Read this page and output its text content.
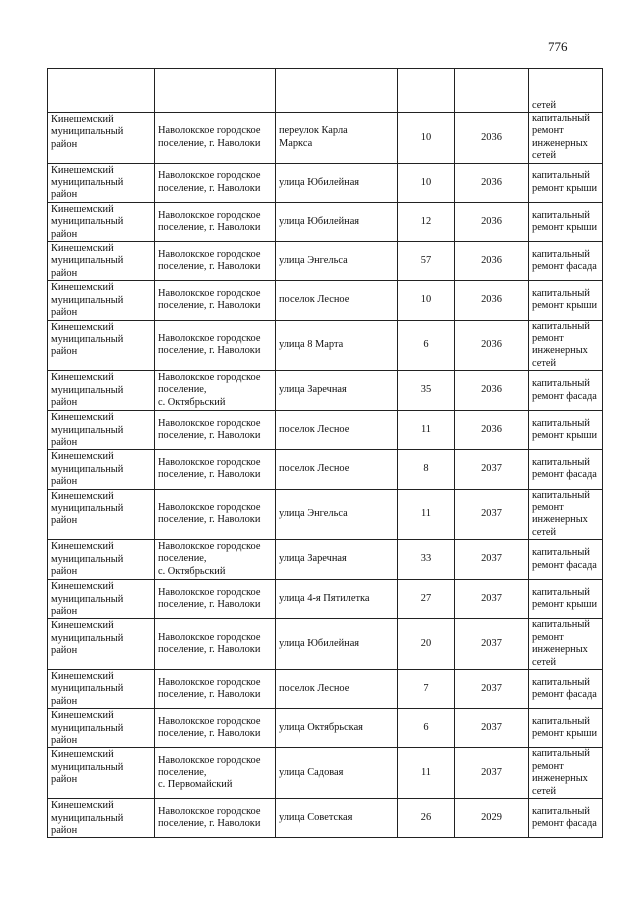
776
					сетей
Кинешемский
муниципальный
район	Наволокское городское
поселение, г. Наволоки	переулок Карла
Маркса	10	2036	капитальный
ремонт
инженерных
сетей
Кинешемский
муниципальный
район	Наволокское городское
поселение, г. Наволоки	улица Юбилейная	10	2036	капитальный
ремонт крыши
Кинешемский
муниципальный
район	Наволокское городское
поселение, г. Наволоки	улица Юбилейная	12	2036	капитальный
ремонт крыши
Кинешемский
муниципальный
район	Наволокское городское
поселение, г. Наволоки	улица Энгельса	57	2036	капитальный
ремонт фасада
Кинешемский
муниципальный
район	Наволокское городское
поселение, г. Наволоки	поселок Лесное	10	2036	капитальный
ремонт крыши
Кинешемский
муниципальный
район	Наволокское городское
поселение, г. Наволоки	улица 8 Марта	6	2036	капитальный
ремонт
инженерных
сетей
Кинешемский
муниципальный
район	Наволокское городское
поселение,
с. Октябрьский	улица Заречная	35	2036	капитальный
ремонт фасада
Кинешемский
муниципальный
район	Наволокское городское
поселение, г. Наволоки	поселок Лесное	11	2036	капитальный
ремонт крыши
Кинешемский
муниципальный
район	Наволокское городское
поселение, г. Наволоки	поселок Лесное	8	2037	капитальный
ремонт фасада
Кинешемский
муниципальный
район	Наволокское городское
поселение, г. Наволоки	улица Энгельса	11	2037	капитальный
ремонт
инженерных
сетей
Кинешемский
муниципальный
район	Наволокское городское
поселение,
с. Октябрьский	улица Заречная	33	2037	капитальный
ремонт фасада
Кинешемский
муниципальный
район	Наволокское городское
поселение, г. Наволоки	улица 4-я Пятилетка	27	2037	капитальный
ремонт крыши
Кинешемский
муниципальный
район	Наволокское городское
поселение, г. Наволоки	улица Юбилейная	20	2037	капитальный
ремонт
инженерных
сетей
Кинешемский
муниципальный
район	Наволокское городское
поселение, г. Наволоки	поселок Лесное	7	2037	капитальный
ремонт фасада
Кинешемский
муниципальный
район	Наволокское городское
поселение, г. Наволоки	улица Октябрьская	6	2037	капитальный
ремонт крыши
Кинешемский
муниципальный
район	Наволокское городское
поселение,
с. Первомайский	улица Садовая	11	2037	капитальный
ремонт
инженерных
сетей
Кинешемский
муниципальный
район	Наволокское городское
поселение, г. Наволоки	улица Советская	26	2029	капитальный
ремонт фасада
